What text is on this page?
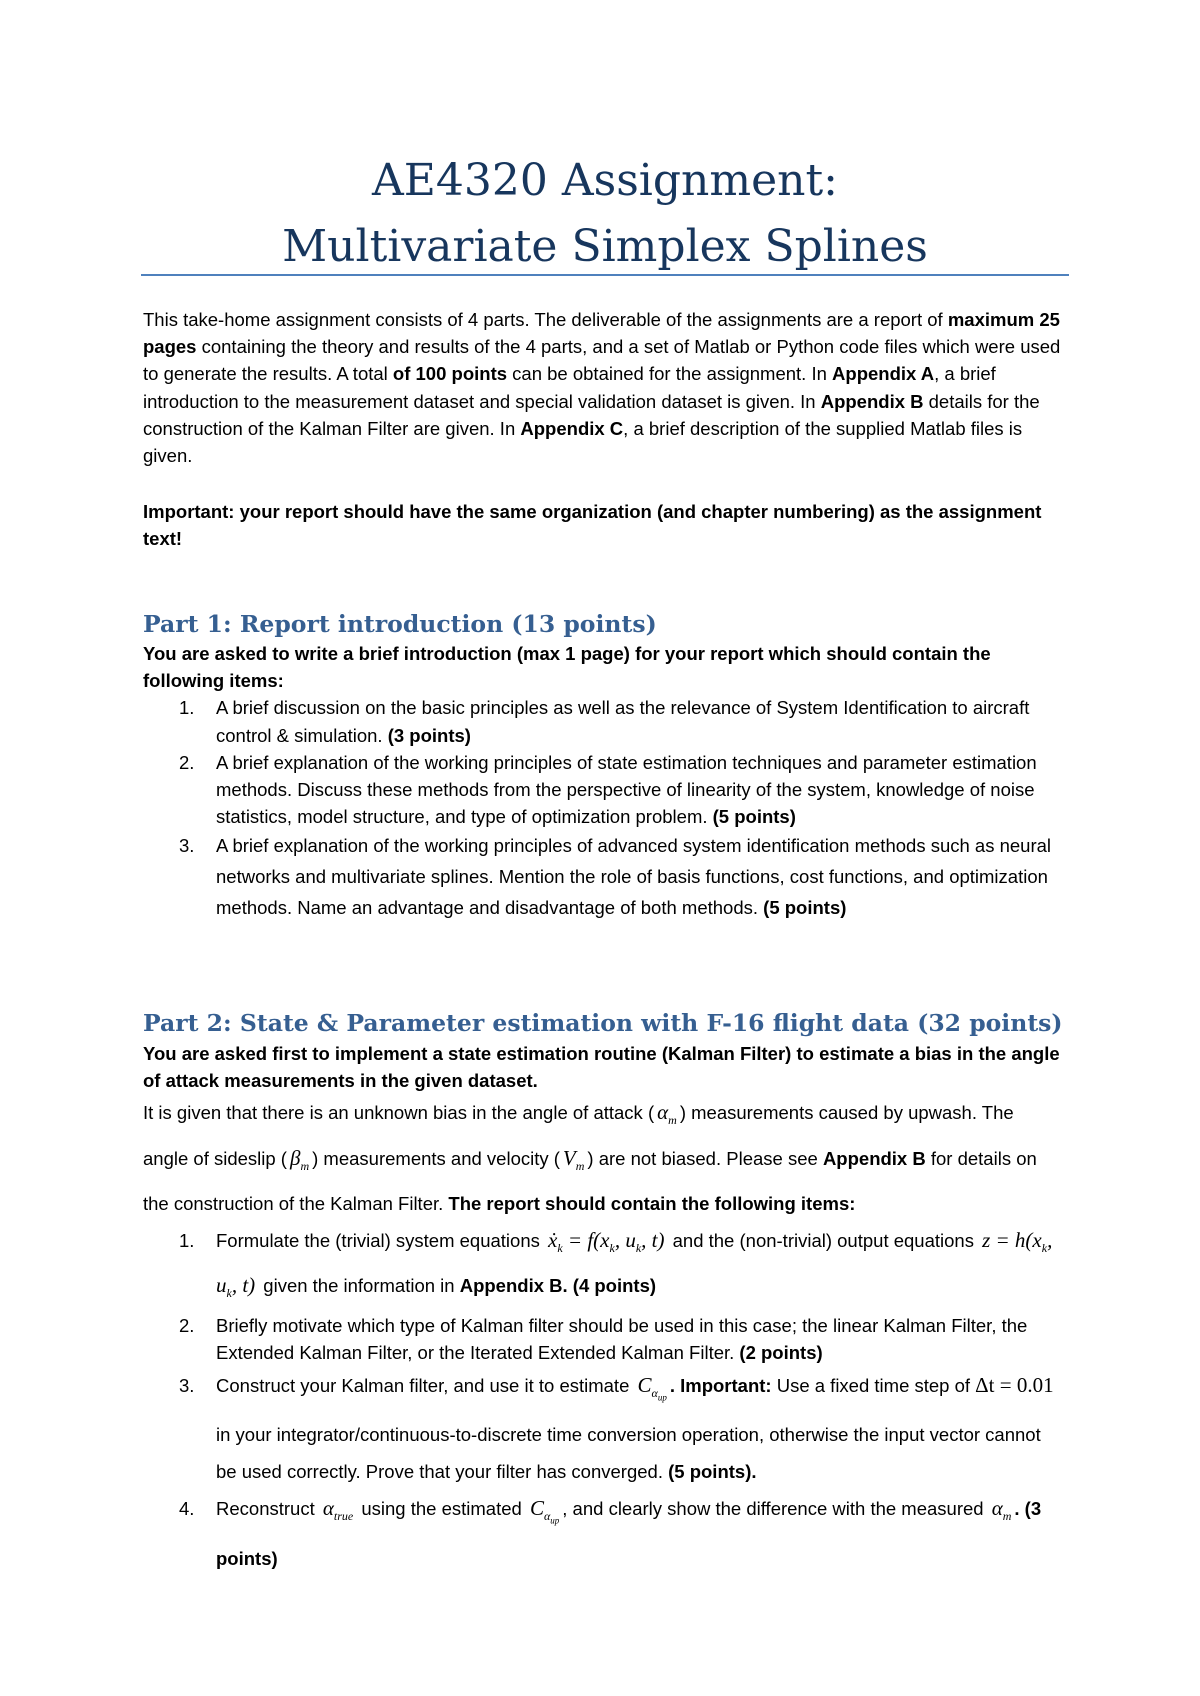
AE4320 Assignment:
Multivariate Simplex Splines

This take-home assignment consists of 4 parts. The deliverable of the assignments are a report of maximum 25 pages containing the theory and results of the 4 parts, and a set of Matlab or Python code files which were used to generate the results. A total of 100 points can be obtained for the assignment. In Appendix A, a brief introduction to the measurement dataset and special validation dataset is given. In Appendix B details for the construction of the Kalman Filter are given. In Appendix C, a brief description of the supplied Matlab files is given.

Important: your report should have the same organization (and chapter numbering) as the assignment text!
Part 1: Report introduction (13 points)

You are asked to write a brief introduction (max 1 page) for your report which should contain the following items:

1. A brief discussion on the basic principles as well as the relevance of System Identification to aircraft control & simulation. (3 points)
2. A brief explanation of the working principles of state estimation techniques and parameter estimation methods. Discuss these methods from the perspective of linearity of the system, knowledge of noise statistics, model structure, and type of optimization problem. (5 points)
3. A brief explanation of the working principles of advanced system identification methods such as neural networks and multivariate splines. Mention the role of basis functions, cost functions, and optimization methods. Name an advantage and disadvantage of both methods. (5 points)
Part 2: State & Parameter estimation with F-16 flight data (32 points)

You are asked first to implement a state estimation routine (Kalman Filter) to estimate a bias in the angle of attack measurements in the given dataset.

It is given that there is an unknown bias in the angle of attack ( $\alpha_m$ ) measurements caused by upwash. The angle of sideslip ( $\beta_m$ ) measurements and velocity ( $V_m$ ) are not biased. Please see Appendix B for details on the construction of the Kalman Filter. The report should contain the following items:

1. Formulate the (trivial) system equations ẋ$_k$ = $f(x_k$, $u_k$, t) and the (non-trivial) output equations $z = h(x_k$, $u_k$, t) given the information in Appendix B. (4 points)
2. Briefly motivate which type of Kalman filter should be used in this case; the linear Kalman Filter, the Extended Kalman Filter, or the Iterated Extended Kalman Filter. (2 points)
3. Construct your Kalman filter, and use it to estimate $C_{\alpha_{up}}$. Important: Use a fixed time step of Δt = 0.01 in your integrator/continuous-to-discrete time conversion operation, otherwise the input vector cannot be used correctly. Prove that your filter has converged. (5 points).
4. Reconstruct $\alpha_{true}$ using the estimated $C_{\alpha_{up}}$, and clearly show the difference with the measured $\alpha_m$ . (3 points)
